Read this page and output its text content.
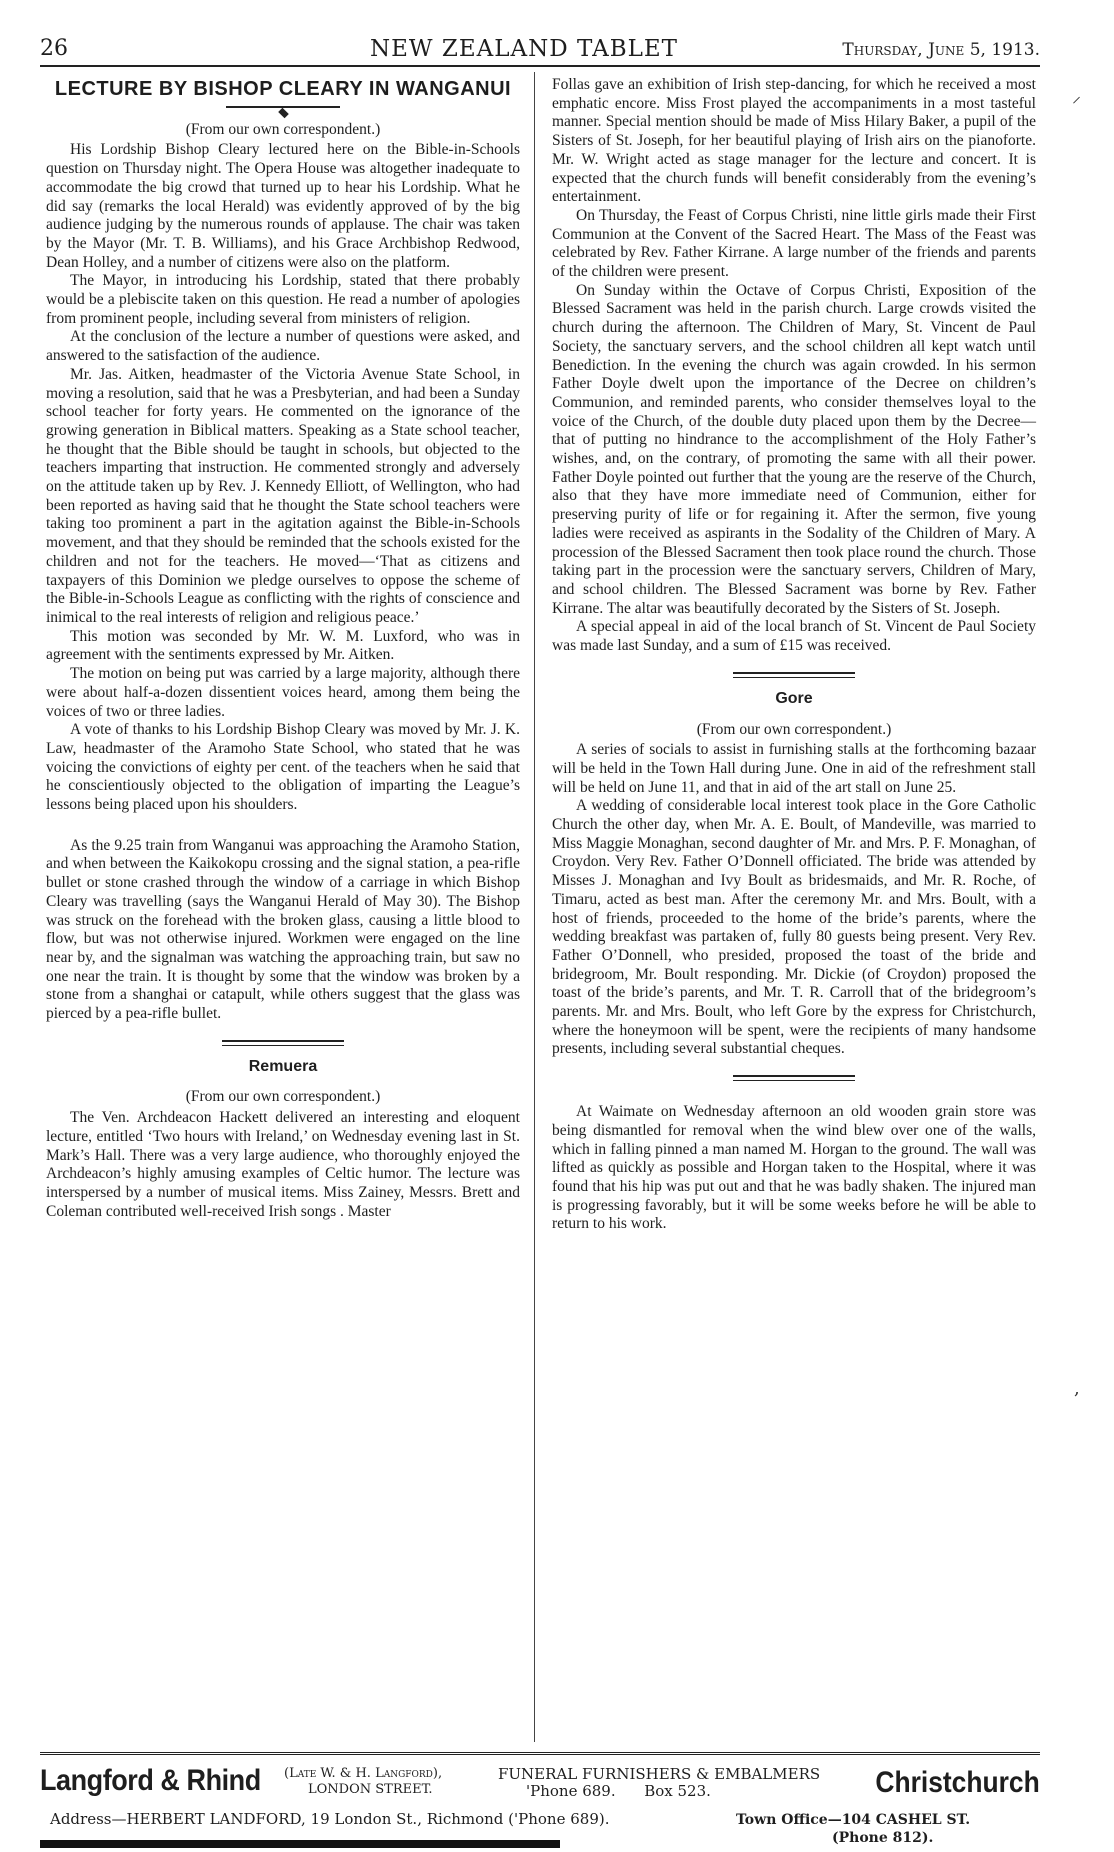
26	NEW ZEALAND TABLET	Thursday, June 5, 1913.
LECTURE BY BISHOP CLEARY IN WANGANUI

(From our own correspondent.)

His Lordship Bishop Cleary lectured here on the Bible-in-Schools question on Thursday night. The Opera House was altogether inadequate to accommodate the big crowd that turned up to hear his Lordship. What he did say (remarks the local Herald) was evidently approved of by the big audience judging by the numerous rounds of applause. The chair was taken by the Mayor (Mr. T. B. Williams), and his Grace Archbishop Redwood, Dean Holley, and a number of citizens were also on the platform.

The Mayor, in introducing his Lordship, stated that there probably would be a plebiscite taken on this question. He read a number of apologies from prominent people, including several from ministers of religion.

At the conclusion of the lecture a number of questions were asked, and answered to the satisfaction of the audience.

Mr. Jas. Aitken, headmaster of the Victoria Avenue State School, in moving a resolution, said that he was a Presbyterian, and had been a Sunday school teacher for forty years. He commented on the ignorance of the growing generation in Biblical matters. Speaking as a State school teacher, he thought that the Bible should be taught in schools, but objected to the teachers imparting that instruction. He commented strongly and adversely on the attitude taken up by Rev. J. Kennedy Elliott, of Wellington, who had been reported as having said that he thought the State school teachers were taking too prominent a part in the agitation against the Bible-in-Schools movement, and that they should be reminded that the schools existed for the children and not for the teachers. He moved—‘That as citizens and taxpayers of this Dominion we pledge ourselves to oppose the scheme of the Bible-in-Schools League as conflicting with the rights of conscience and inimical to the real interests of religion and religious peace.’

This motion was seconded by Mr. W. M. Luxford, who was in agreement with the sentiments expressed by Mr. Aitken.

The motion on being put was carried by a large majority, although there were about half-a-dozen dissentient voices heard, among them being the voices of two or three ladies.

A vote of thanks to his Lordship Bishop Cleary was moved by Mr. J. K. Law, headmaster of the Aramoho State School, who stated that he was voicing the convictions of eighty per cent. of the teachers when he said that he conscientiously objected to the obligation of imparting the League’s lessons being placed upon his shoulders.

As the 9.25 train from Wanganui was approaching the Aramoho Station, and when between the Kaikokopu crossing and the signal station, a pea-rifle bullet or stone crashed through the window of a carriage in which Bishop Cleary was travelling (says the Wanganui Herald of May 30). The Bishop was struck on the forehead with the broken glass, causing a little blood to flow, but was not otherwise injured. Workmen were engaged on the line near by, and the signalman was watching the approaching train, but saw no one near the train. It is thought by some that the window was broken by a stone from a shanghai or catapult, while others suggest that the glass was pierced by a pea-rifle bullet.

Remuera

(From our own correspondent.)

The Ven. Archdeacon Hackett delivered an interesting and eloquent lecture, entitled ‘Two hours with Ireland,’ on Wednesday evening last in St. Mark’s Hall. There was a very large audience, who thoroughly enjoyed the Archdeacon’s highly amusing examples of Celtic humor. The lecture was interspersed by a number of musical items. Miss Zainey, Messrs. Brett and Coleman contributed well-received Irish songs . Master

Follas gave an exhibition of Irish step-dancing, for which he received a most emphatic encore. Miss Frost played the accompaniments in a most tasteful manner. Special mention should be made of Miss Hilary Baker, a pupil of the Sisters of St. Joseph, for her beautiful playing of Irish airs on the pianoforte. Mr. W. Wright acted as stage manager for the lecture and concert. It is expected that the church funds will benefit considerably from the evening’s entertainment.

On Thursday, the Feast of Corpus Christi, nine little girls made their First Communion at the Convent of the Sacred Heart. The Mass of the Feast was celebrated by Rev. Father Kirrane. A large number of the friends and parents of the children were present.

On Sunday within the Octave of Corpus Christi, Exposition of the Blessed Sacrament was held in the parish church. Large crowds visited the church during the afternoon. The Children of Mary, St. Vincent de Paul Society, the sanctuary servers, and the school children all kept watch until Benediction. In the evening the church was again crowded. In his sermon Father Doyle dwelt upon the importance of the Decree on children’s Communion, and reminded parents, who consider themselves loyal to the voice of the Church, of the double duty placed upon them by the Decree—that of putting no hindrance to the accomplishment of the Holy Father’s wishes, and, on the contrary, of promoting the same with all their power. Father Doyle pointed out further that the young are the reserve of the Church, also that they have more immediate need of Communion, either for preserving purity of life or for regaining it. After the sermon, five young ladies were received as aspirants in the Sodality of the Children of Mary. A procession of the Blessed Sacrament then took place round the church. Those taking part in the procession were the sanctuary servers, Children of Mary, and school children. The Blessed Sacrament was borne by Rev. Father Kirrane. The altar was beautifully decorated by the Sisters of St. Joseph.

A special appeal in aid of the local branch of St. Vincent de Paul Society was made last Sunday, and a sum of £15 was received.

Gore

(From our own correspondent.)

A series of socials to assist in furnishing stalls at the forthcoming bazaar will be held in the Town Hall during June. One in aid of the refreshment stall will be held on June 11, and that in aid of the art stall on June 25.

A wedding of considerable local interest took place in the Gore Catholic Church the other day, when Mr. A. E. Boult, of Mandeville, was married to Miss Maggie Monaghan, second daughter of Mr. and Mrs. P. F. Monaghan, of Croydon. Very Rev. Father O’Donnell officiated. The bride was attended by Misses J. Monaghan and Ivy Boult as bridesmaids, and Mr. R. Roche, of Timaru, acted as best man. After the ceremony Mr. and Mrs. Boult, with a host of friends, proceeded to the home of the bride’s parents, where the wedding breakfast was partaken of, fully 80 guests being present. Very Rev. Father O’Donnell, who presided, proposed the toast of the bride and bridegroom, Mr. Boult responding. Mr. Dickie (of Croydon) proposed the toast of the bride’s parents, and Mr. T. R. Carroll that of the bridegroom’s parents. Mr. and Mrs. Boult, who left Gore by the express for Christchurch, where the honeymoon will be spent, were the recipients of many handsome presents, including several substantial cheques.

At Waimate on Wednesday afternoon an old wooden grain store was being dismantled for removal when the wind blew over one of the walls, which in falling pinned a man named M. Horgan to the ground. The wall was lifted as quickly as possible and Horgan taken to the Hospital, where it was found that his hip was put out and that he was badly shaken. The injured man is progressing favorably, but it will be some weeks before he will be able to return to his work.

⸝
,
Langford & Rhind (Late W. & H. Langford),
LONDON STREET.
FUNERAL FURNISHERS & EMBALMERS
'Phone 689.      Box 523.	Christchurch
Address—HERBERT LANDFORD, 19 London St., Richmond ('Phone 689).	Town Office—104 CASHEL ST.
(Phone 812).
